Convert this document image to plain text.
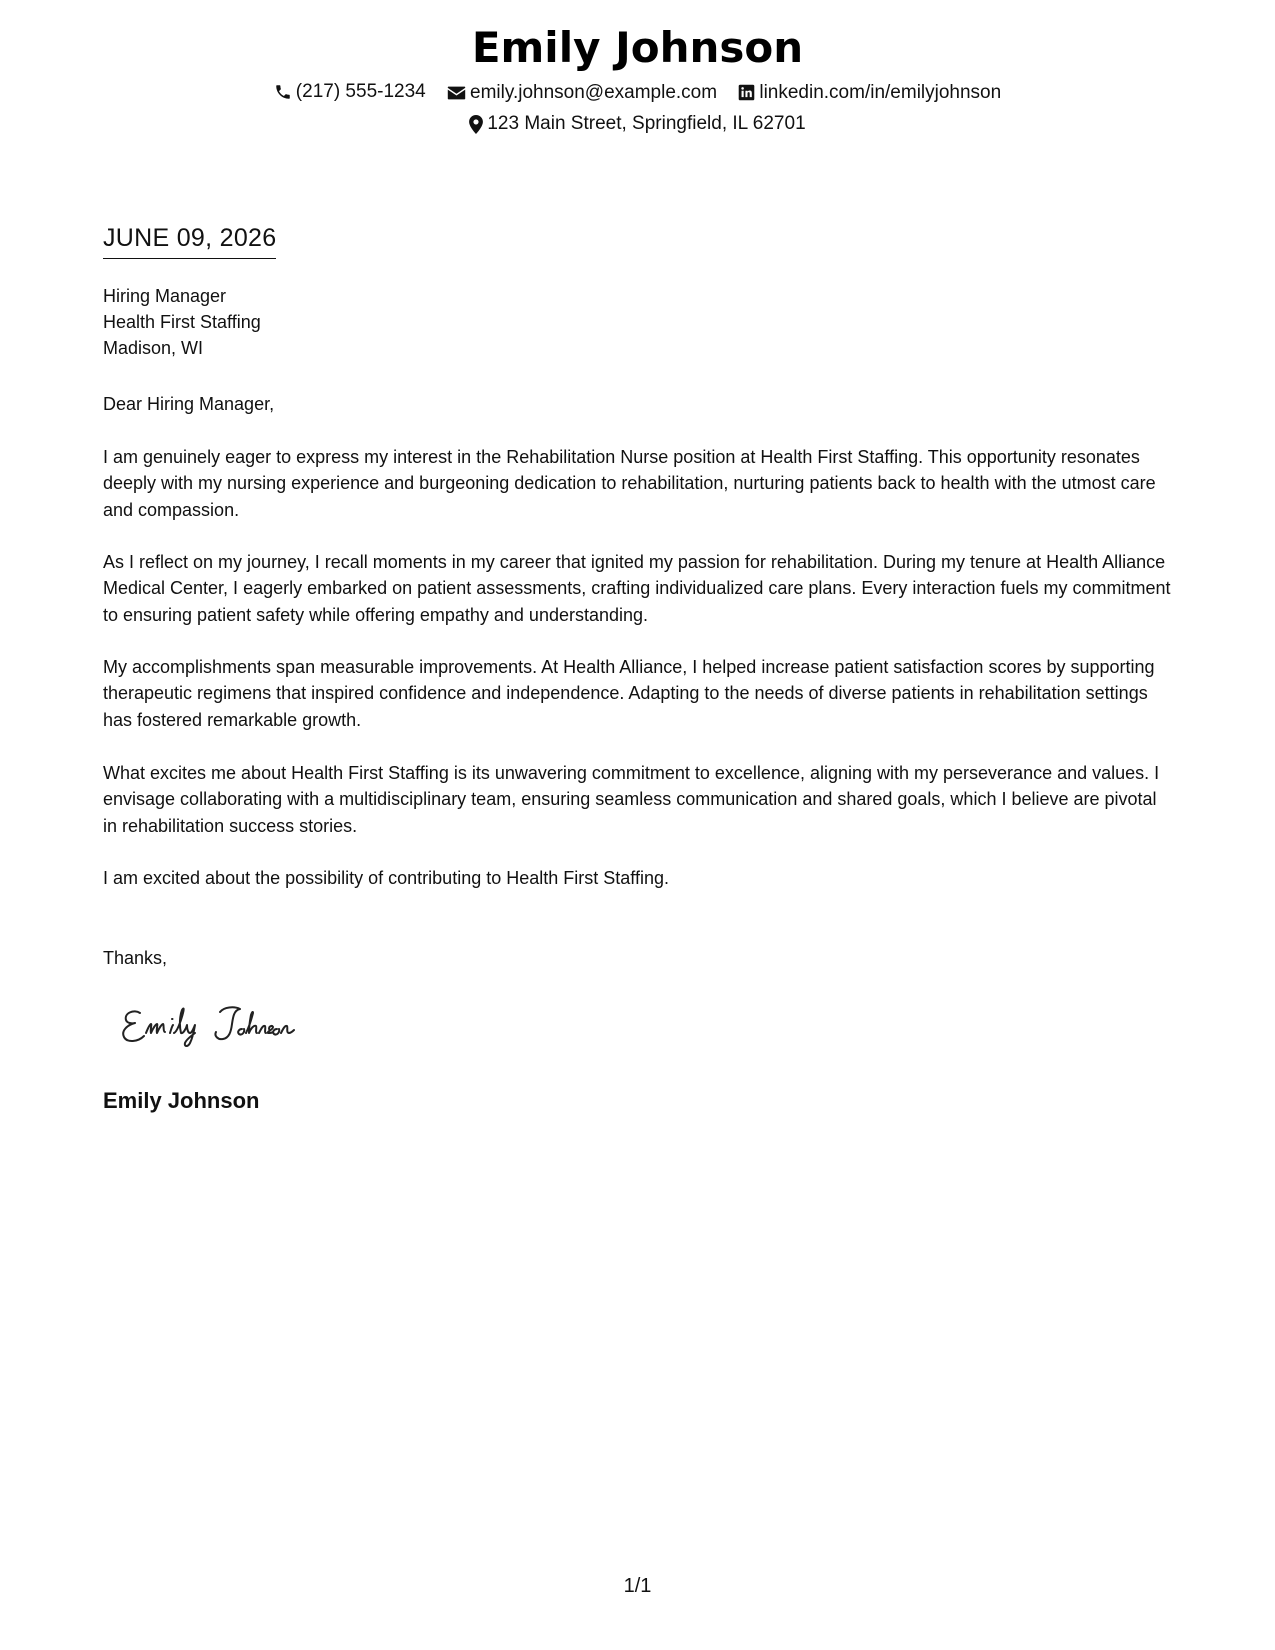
Emily Johnson
(217) 555-1234
emily.johnson@example.com
linkedin.com/in/emilyjohnson
123 Main Street, Springfield, IL 62701
JUNE 09, 2026
Hiring Manager
Health First Staffing
Madison, WI
Dear Hiring Manager,
I am genuinely eager to express my interest in the Rehabilitation Nurse position at Health First Staffing. This opportunity resonates deeply with my nursing experience and burgeoning dedication to rehabilitation, nurturing patients back to health with the utmost care and compassion.
As I reflect on my journey, I recall moments in my career that ignited my passion for rehabilitation. During my tenure at Health Alliance Medical Center, I eagerly embarked on patient assessments, crafting individualized care plans. Every interaction fuels my commitment to ensuring patient safety while offering empathy and understanding.
My accomplishments span measurable improvements. At Health Alliance, I helped increase patient satisfaction scores by supporting therapeutic regimens that inspired confidence and independence. Adapting to the needs of diverse patients in rehabilitation settings has fostered remarkable growth.
What excites me about Health First Staffing is its unwavering commitment to excellence, aligning with my perseverance and values. I envisage collaborating with a multidisciplinary team, ensuring seamless communication and shared goals, which I believe are pivotal in rehabilitation success stories.
I am excited about the possibility of contributing to Health First Staffing.
Thanks,
Emily Johnson
1/1
